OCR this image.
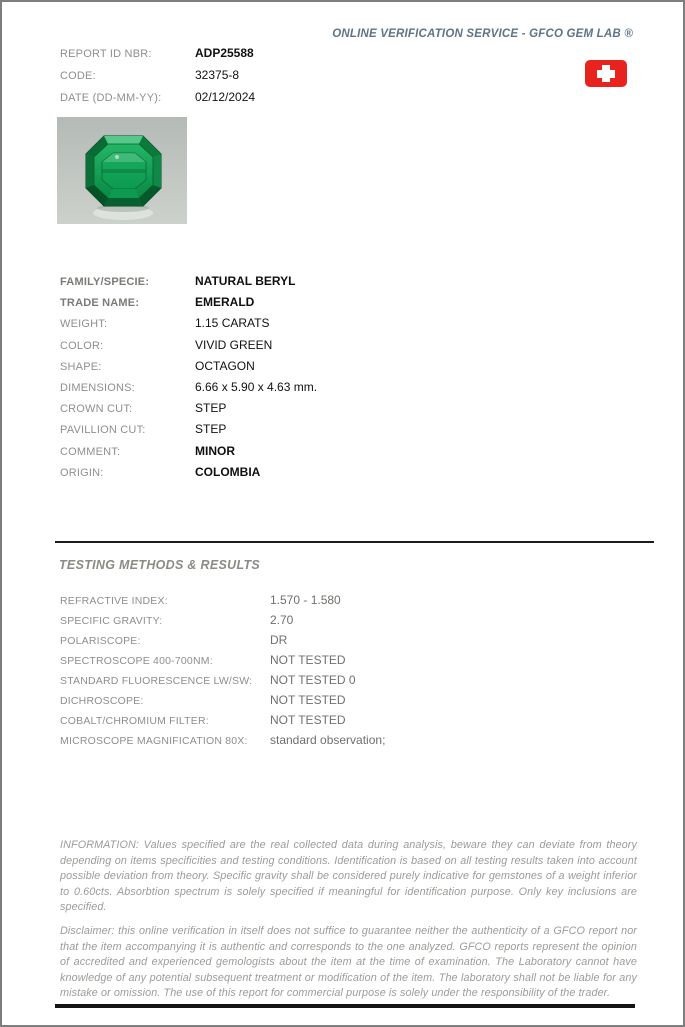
ONLINE VERIFICATION SERVICE - GFCO GEM LAB ®
REPORT ID NBR:	ADP25588
CODE:	32375-8
DATE (DD-MM-YY):	02/12/2024
FAMILY/SPECIE:	NATURAL BERYL
TRADE NAME:	EMERALD
WEIGHT:	1.15 CARATS
COLOR:	VIVID GREEN
SHAPE:	OCTAGON
DIMENSIONS:	6.66 x 5.90 x 4.63 mm.
CROWN CUT:	STEP
PAVILLION CUT:	STEP
COMMENT:	MINOR
ORIGIN:	COLOMBIA
TESTING METHODS & RESULTS
REFRACTIVE INDEX:	1.570 - 1.580
SPECIFIC GRAVITY:	2.70
POLARISCOPE:	DR
SPECTROSCOPE 400-700NM:	NOT TESTED
STANDARD FLUORESCENCE LW/SW:	NOT TESTED 0
DICHROSCOPE:	NOT TESTED
COBALT/CHROMIUM FILTER:	NOT TESTED
MICROSCOPE MAGNIFICATION 80X:	standard observation;

INFORMATION: Values specified are the real collected data during analysis, beware they can deviate from theory depending on items specificities and testing conditions. Identification is based on all testing results taken into account possible deviation from theory. Specific gravity shall be considered purely indicative for gemstones of a weight inferior to 0.60cts. Absorbtion spectrum is solely specified if meaningful for identification purpose. Only key inclusions are specified.

Disclaimer: this online verification in itself does not suffice to guarantee neither the authenticity of a GFCO report nor that the item accompanying it is authentic and corresponds to the one analyzed. GFCO reports represent the opinion of accredited and experienced gemologists about the item at the time of examination. The Laboratory cannot have knowledge of any potential subsequent treatment or modification of the item. The laboratory shall not be liable for any mistake or omission. The use of this report for commercial purpose is solely under the responsibility of the trader.
